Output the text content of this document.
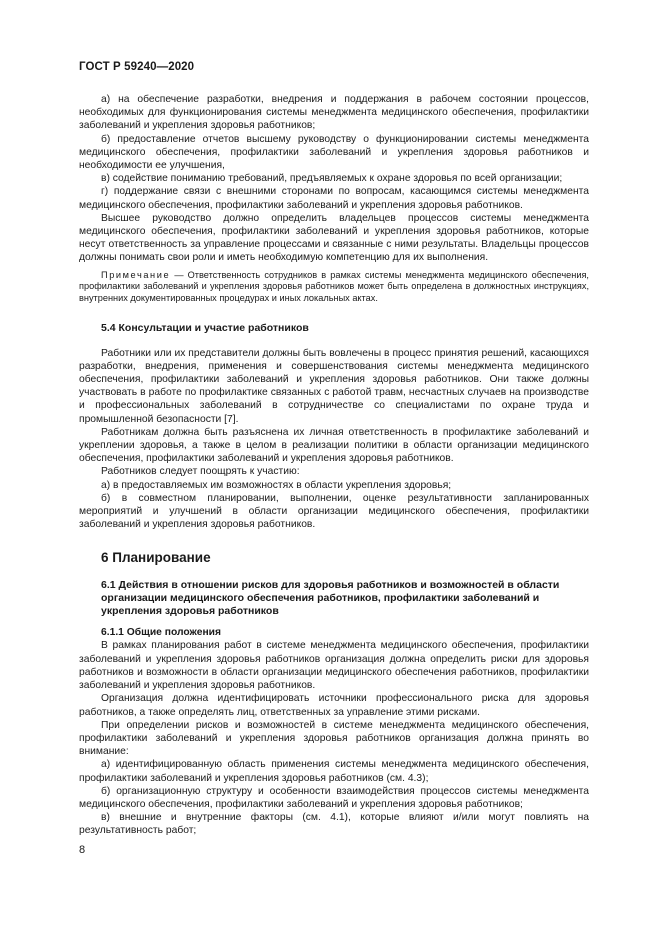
ГОСТ Р 59240—2020

а) на обеспечение разработки, внедрения и поддержания в рабочем состоянии процессов, необходимых для функционирования системы менеджмента медицинского обеспечения, профилактики заболеваний и укрепления здоровья работников;

б) предоставление отчетов высшему руководству о функционировании системы менеджмента медицинского обеспечения, профилактики заболеваний и укрепления здоровья работников и необходимости ее улучшения,

в) содействие пониманию требований, предъявляемых к охране здоровья по всей организации;

г) поддержание связи с внешними сторонами по вопросам, касающимся системы менеджмента медицинского обеспечения, профилактики заболеваний и укрепления здоровья работников.

Высшее руководство должно определить владельцев процессов системы менеджмента медицинского обеспечения, профилактики заболеваний и укрепления здоровья работников, которые несут ответственность за управление процессами и связанные с ними результаты. Владельцы процессов должны понимать свои роли и иметь необходимую компетенцию для их выполнения.

Примечание — Ответственность сотрудников в рамках системы менеджмента медицинского обеспечения, профилактики заболеваний и укрепления здоровья работников может быть определена в должностных инструкциях, внутренних документированных процедурах и иных локальных актах.

5.4 Консультации и участие работников

Работники или их представители должны быть вовлечены в процесс принятия решений, касающихся разработки, внедрения, применения и совершенствования системы менеджмента медицинского обеспечения, профилактики заболеваний и укрепления здоровья работников. Они также должны участвовать в работе по профилактике связанных с работой травм, несчастных случаев на производстве и профессиональных заболеваний в сотрудничестве со специалистами по охране труда и промышленной безопасности [7].

Работникам должна быть разъяснена их личная ответственность в профилактике заболеваний и укреплении здоровья, а также в целом в реализации политики в области организации медицинского обеспечения, профилактики заболеваний и укрепления здоровья работников.

Работников следует поощрять к участию:

а) в предоставляемых им возможностях в области укрепления здоровья;

б) в совместном планировании, выполнении, оценке результативности запланированных мероприятий и улучшений в области организации медицинского обеспечения, профилактики заболеваний и укрепления здоровья работников.

6 Планирование
6.1 Действия в отношении рисков для здоровья работников и возможностей в области организации медицинского обеспечения работников, профилактики заболеваний и укрепления здоровья работников
6.1.1 Общие положения

В рамках планирования работ в системе менеджмента медицинского обеспечения, профилактики заболеваний и укрепления здоровья работников организация должна определить риски для здоровья работников и возможности в области организации медицинского обеспечения работников, профилактики заболеваний и укрепления здоровья работников.

Организация должна идентифицировать источники профессионального риска для здоровья работников, а также определять лиц, ответственных за управление этими рисками.

При определении рисков и возможностей в системе менеджмента медицинского обеспечения, профилактики заболеваний и укрепления здоровья работников организация должна принять во внимание:

а) идентифицированную область применения системы менеджмента медицинского обеспечения, профилактики заболеваний и укрепления здоровья работников (см. 4.3);

б) организационную структуру и особенности взаимодействия процессов системы менеджмента медицинского обеспечения, профилактики заболеваний и укрепления здоровья работников;

в) внешние и внутренние факторы (см. 4.1), которые влияют и/или могут повлиять на результативность работ;

8
